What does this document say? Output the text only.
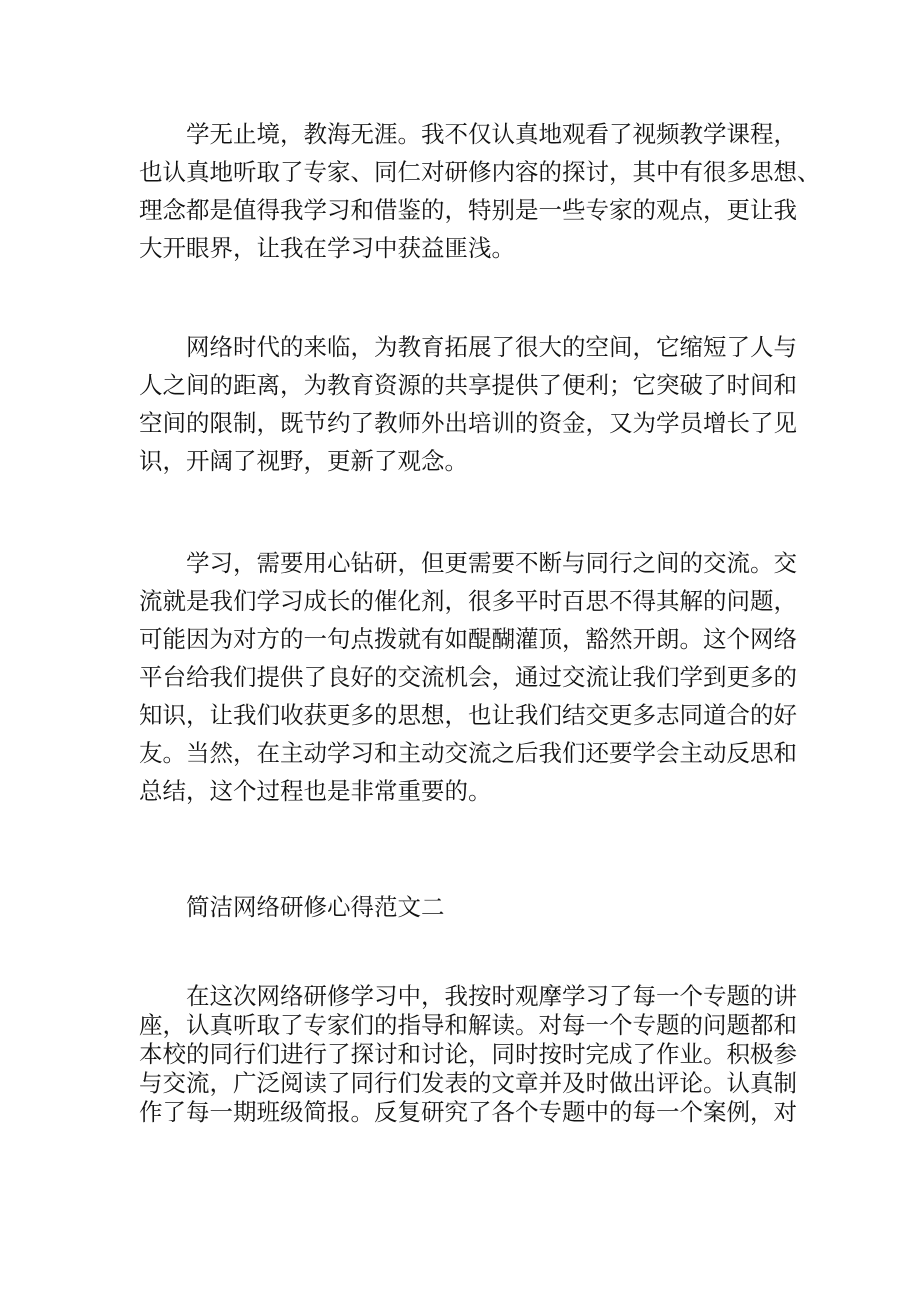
学无止境，教海无涯。我不仅认真地观看了视频教学课程，
也认真地听取了专家、同仁对研修内容的探讨，其中有很多思想、
理念都是值得我学习和借鉴的，特别是一些专家的观点，更让我
大开眼界，让我在学习中获益匪浅。
网络时代的来临，为教育拓展了很大的空间，它缩短了人与
人之间的距离，为教育资源的共享提供了便利；它突破了时间和
空间的限制，既节约了教师外出培训的资金，又为学员增长了见
识，开阔了视野，更新了观念。
学习，需要用心钻研，但更需要不断与同行之间的交流。交
流就是我们学习成长的催化剂，很多平时百思不得其解的问题，
可能因为对方的一句点拨就有如醍醐灌顶，豁然开朗。这个网络
平台给我们提供了良好的交流机会，通过交流让我们学到更多的
知识，让我们收获更多的思想，也让我们结交更多志同道合的好
友。当然，在主动学习和主动交流之后我们还要学会主动反思和
总结，这个过程也是非常重要的。
简洁网络研修心得范文二
在这次网络研修学习中，我按时观摩学习了每一个专题的讲
座，认真听取了专家们的指导和解读。对每一个专题的问题都和
本校的同行们进行了探讨和讨论，同时按时完成了作业。积极参
与交流，广泛阅读了同行们发表的文章并及时做出评论。认真制
作了每一期班级简报。反复研究了各个专题中的每一个案例，对
